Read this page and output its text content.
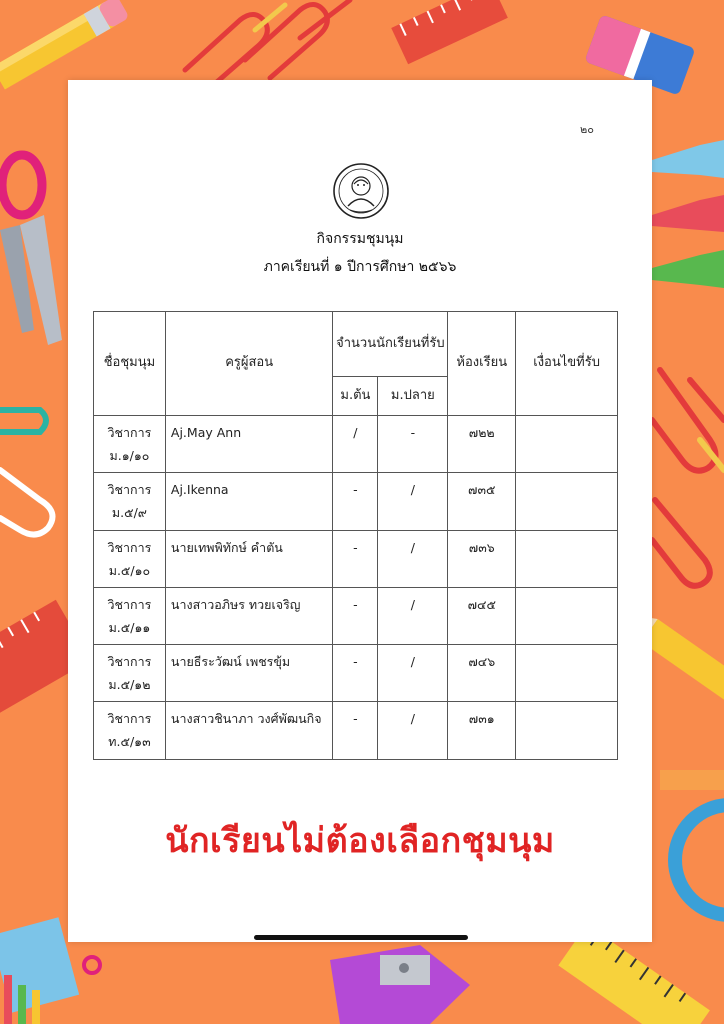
๒๐
กิจกรรมชุมนุม
ภาคเรียนที่ ๑ ปีการศึกษา ๒๕๖๖
ชื่อชุมนุม	ครูผู้สอน	จำนวนนักเรียนที่รับ		ห้องเรียน	เงื่อนไขที่รับ
		ม.ต้น	ม.ปลาย		
วิชาการ ม.๑/๑๐	Aj.May Ann	/	-	๗๒๒	
วิชาการ ม.๕/๙	Aj.Ikenna	-	/	๗๓๕	
วิชาการ ม.๕/๑๐	นายเทพพิทักษ์ คำตัน	-	/	๗๓๖	
วิชาการ ม.๕/๑๑	นางสาวอภิษร ทวยเจริญ	-	/	๗๔๕	
วิชาการ ม.๕/๑๒	นายธีระวัฒน์ เพชรขุ้ม	-	/	๗๔๖	
วิชาการ ท.๕/๑๓	นางสาวชินาภา วงศ์พัฒนกิจ	-	/	๗๓๑	
นักเรียนไม่ต้องเลือกชุมนุม
